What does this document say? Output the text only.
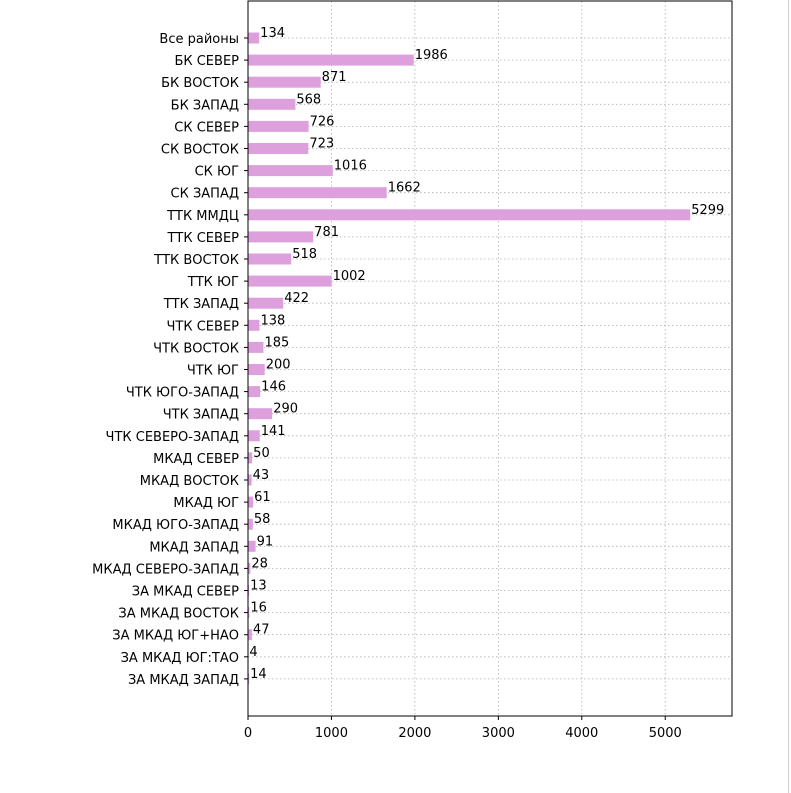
134
1986
871
568
726
723
1016
1662
5299
781
518
1002
422
138
185
200
146
290
141
50
43
61
58
91
28
13
16
47
4
14
Все районы
БК СЕВЕР
БК ВОСТОК
БК ЗАПАД
СК СЕВЕР
СК ВОСТОК
СК ЮГ
СК ЗАПАД
ТТК ММДЦ
ТТК СЕВЕР
ТТК ВОСТОК
ТТК ЮГ
ТТК ЗАПАД
ЧТК СЕВЕР
ЧТК ВОСТОК
ЧТК ЮГ
ЧТК ЮГО-ЗАПАД
ЧТК ЗАПАД
ЧТК СЕВЕРО-ЗАПАД
МКАД СЕВЕР
МКАД ВОСТОК
МКАД ЮГ
МКАД ЮГО-ЗАПАД
МКАД ЗАПАД
МКАД СЕВЕРО-ЗАПАД
ЗА МКАД СЕВЕР
ЗА МКАД ВОСТОК
ЗА МКАД ЮГ+НАО
ЗА МКАД ЮГ:ТАО
ЗА МКАД ЗАПАД
0	1000	2000	3000	4000	5000
